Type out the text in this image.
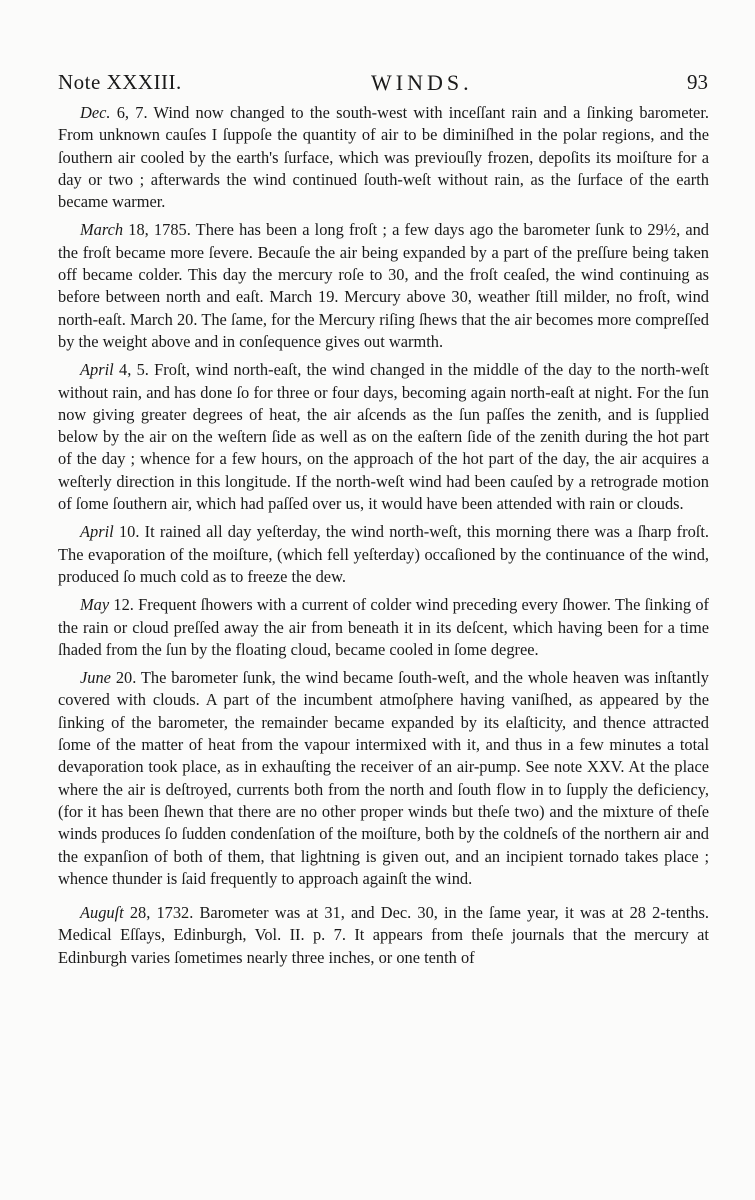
Note XXXIII.	WINDS.	93

Dec. 6, 7. Wind now changed to the south-west with inceſſant rain and a ſinking barometer. From unknown cauſes I ſuppoſe the quantity of air to be diminiſhed in the polar regions, and the ſouthern air cooled by the earth's ſurface, which was previouſly frozen, depoſits its moiſture for a day or two ; afterwards the wind continued ſouth-weſt without rain, as the ſurface of the earth became warmer.

March 18, 1785. There has been a long froſt ; a few days ago the barometer ſunk to 29½, and the froſt became more ſevere. Becauſe the air being expanded by a part of the preſſure being taken off became colder. This day the mercury roſe to 30, and the froſt ceaſed, the wind continuing as before between north and eaſt. March 19. Mercury above 30, weather ſtill milder, no froſt, wind north-eaſt. March 20. The ſame, for the Mercury riſing ſhews that the air becomes more compreſſed by the weight above and in conſequence gives out warmth.

April 4, 5. Froſt, wind north-eaſt, the wind changed in the middle of the day to the north-weſt without rain, and has done ſo for three or four days, becoming again north-eaſt at night. For the ſun now giving greater degrees of heat, the air aſcends as the ſun paſſes the zenith, and is ſupplied below by the air on the weſtern ſide as well as on the eaſtern ſide of the zenith during the hot part of the day ; whence for a few hours, on the approach of the hot part of the day, the air acquires a weſterly direction in this longitude. If the north-weſt wind had been cauſed by a retrograde motion of ſome ſouthern air, which had paſſed over us, it would have been attended with rain or clouds.

April 10. It rained all day yeſterday, the wind north-weſt, this morning there was a ſharp froſt. The evaporation of the moiſture, (which fell yeſterday) occaſioned by the continuance of the wind, produced ſo much cold as to freeze the dew.

May 12. Frequent ſhowers with a current of colder wind preceding every ſhower. The ſinking of the rain or cloud preſſed away the air from beneath it in its deſcent, which having been for a time ſhaded from the ſun by the floating cloud, became cooled in ſome degree.

June 20. The barometer ſunk, the wind became ſouth-weſt, and the whole heaven was inſtantly covered with clouds. A part of the incumbent atmoſphere having vaniſhed, as appeared by the ſinking of the barometer, the remainder became expanded by its elaſticity, and thence attracted ſome of the matter of heat from the vapour intermixed with it, and thus in a few minutes a total devaporation took place, as in exhauſting the receiver of an air-pump. See note XXV. At the place where the air is deſtroyed, currents both from the north and ſouth flow in to ſupply the deficiency, (for it has been ſhewn that there are no other proper winds but theſe two) and the mixture of theſe winds produces ſo ſudden condenſation of the moiſture, both by the coldneſs of the northern air and the expanſion of both of them, that lightning is given out, and an incipient tornado takes place ; whence thunder is ſaid frequently to approach againſt the wind.

Auguſt 28, 1732. Barometer was at 31, and Dec. 30, in the ſame year, it was at 28 2-tenths. Medical Eſſays, Edinburgh, Vol. II. p. 7. It appears from theſe journals that the mercury at Edinburgh varies ſometimes nearly three inches, or one tenth of
